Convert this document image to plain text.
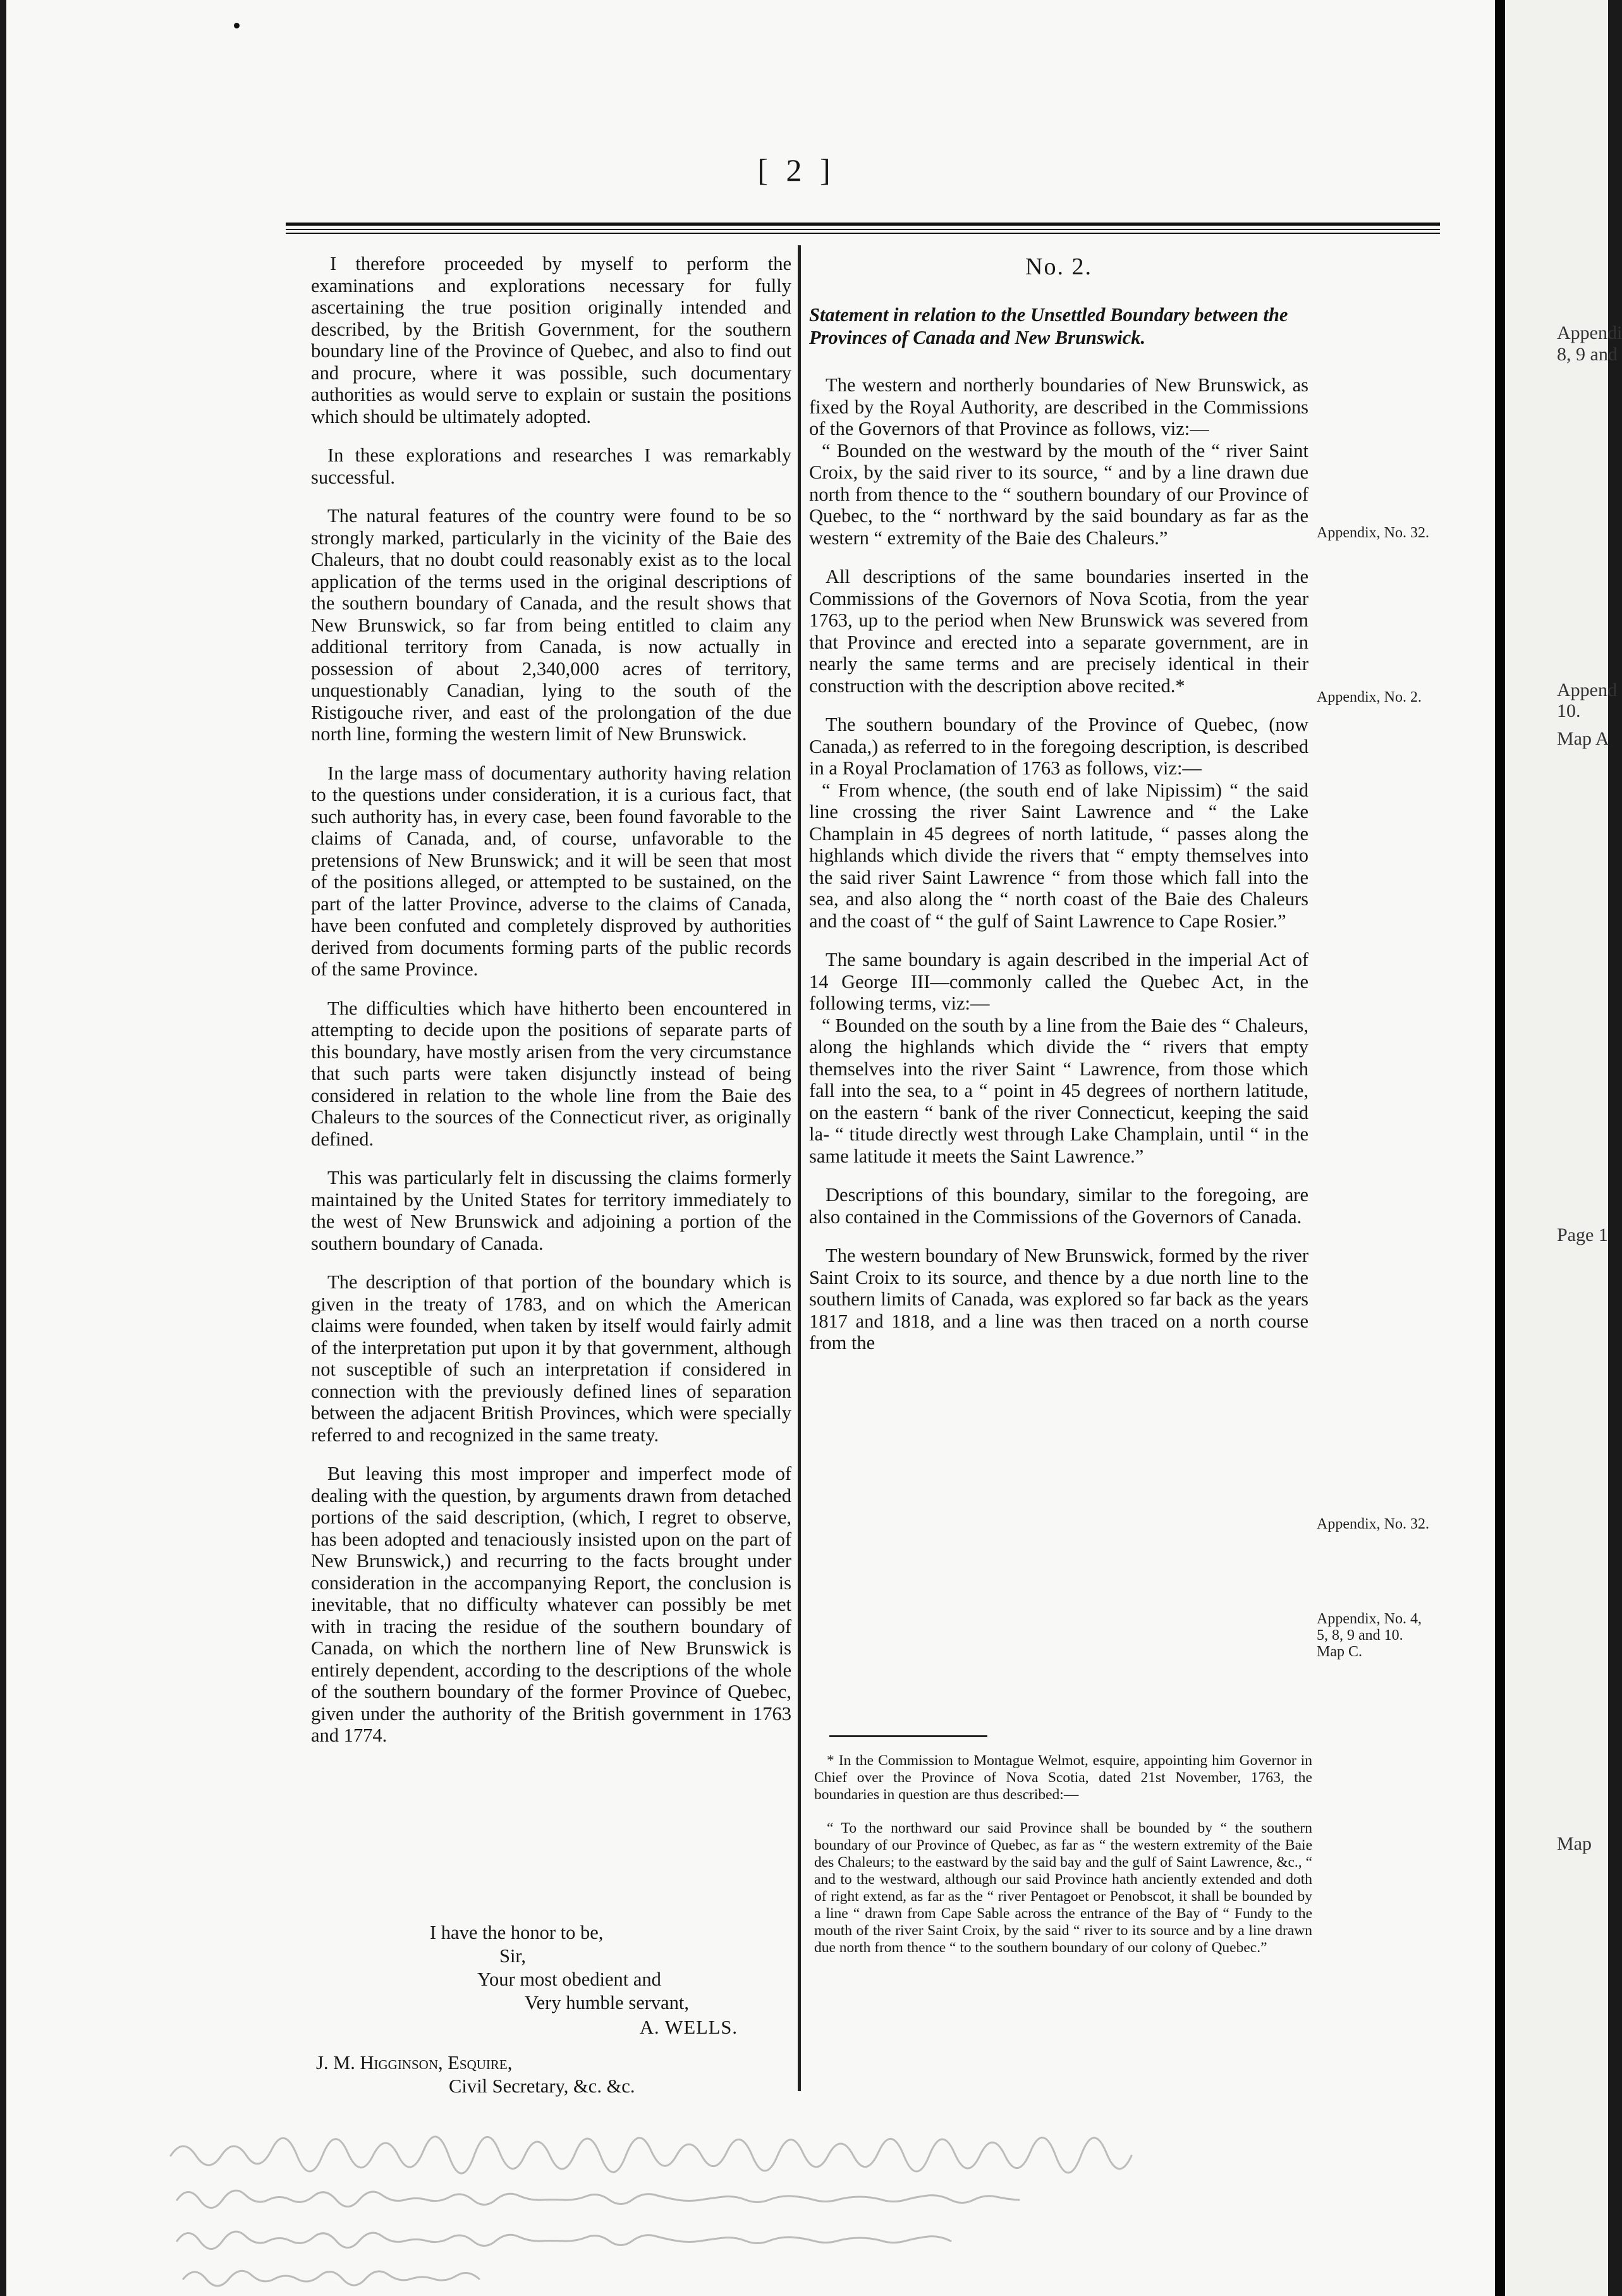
Appendi
8, 9 and
Append
10.
Map A
Page 1
Map
[ 2 ]

I therefore proceeded by myself to perform the examinations and explorations necessary for fully ascertaining the true position originally intended and described, by the British Government, for the southern boundary line of the Province of Quebec, and also to find out and procure, where it was possible, such documentary authorities as would serve to explain or sustain the positions which should be ultimately adopted.

In these explorations and researches I was remarkably successful.

The natural features of the country were found to be so strongly marked, particularly in the vicinity of the Baie des Chaleurs, that no doubt could reasonably exist as to the local application of the terms used in the original descriptions of the southern boundary of Canada, and the result shows that New Brunswick, so far from being entitled to claim any additional territory from Canada, is now actually in possession of about 2,340,000 acres of territory, unquestionably Canadian, lying to the south of the Ristigouche river, and east of the prolongation of the due north line, forming the western limit of New Brunswick.

In the large mass of documentary authority having relation to the questions under consideration, it is a curious fact, that such authority has, in every case, been found favorable to the claims of Canada, and, of course, unfavorable to the pretensions of New Brunswick; and it will be seen that most of the positions alleged, or attempted to be sustained, on the part of the latter Province, adverse to the claims of Canada, have been confuted and completely disproved by authorities derived from documents forming parts of the public records of the same Province.

The difficulties which have hitherto been encountered in attempting to decide upon the positions of separate parts of this boundary, have mostly arisen from the very circumstance that such parts were taken disjunctly instead of being considered in relation to the whole line from the Baie des Chaleurs to the sources of the Connecticut river, as originally defined.

This was particularly felt in discussing the claims formerly maintained by the United States for territory immediately to the west of New Brunswick and adjoining a portion of the southern boundary of Canada.

The description of that portion of the boundary which is given in the treaty of 1783, and on which the American claims were founded, when taken by itself would fairly admit of the interpretation put upon it by that government, although not susceptible of such an interpretation if considered in connection with the previously defined lines of separation between the adjacent British Provinces, which were specially referred to and recognized in the same treaty.

But leaving this most improper and imperfect mode of dealing with the question, by arguments drawn from detached portions of the said description, (which, I regret to observe, has been adopted and tenaciously insisted upon on the part of New Brunswick,) and recurring to the facts brought under consideration in the accompanying Report, the conclusion is inevitable, that no difficulty whatever can possibly be met with in tracing the residue of the southern boundary of Canada, on which the northern line of New Brunswick is entirely dependent, according to the descriptions of the whole of the southern boundary of the former Province of Quebec, given under the authority of the British government in 1763 and 1774.

I have the honor to be,
Sir,
Your most obedient and
Very humble servant,
A. WELLS.
J. M. Higginson, Esquire,
Civil Secretary, &c. &c.
No. 2.

Statement in relation to the Unsettled Boundary between the Provinces of Canada and New Brunswick.

The western and northerly boundaries of New Brunswick, as fixed by the Royal Authority, are described in the Commissions of the Governors of that Province as follows, viz:—

“ Bounded on the westward by the mouth of the “ river Saint Croix, by the said river to its source, “ and by a line drawn due north from thence to the “ southern boundary of our Province of Quebec, to the “ northward by the said boundary as far as the western “ extremity of the Baie des Chaleurs.”

All descriptions of the same boundaries inserted in the Commissions of the Governors of Nova Scotia, from the year 1763, up to the period when New Brunswick was severed from that Province and erected into a separate government, are in nearly the same terms and are precisely identical in their construction with the description above recited.*

The southern boundary of the Province of Quebec, (now Canada,) as referred to in the foregoing description, is described in a Royal Proclamation of 1763 as follows, viz:—

“ From whence, (the south end of lake Nipissim) “ the said line crossing the river Saint Lawrence and “ the Lake Champlain in 45 degrees of north latitude, “ passes along the highlands which divide the rivers that “ empty themselves into the said river Saint Lawrence “ from those which fall into the sea, and also along the “ north coast of the Baie des Chaleurs and the coast of “ the gulf of Saint Lawrence to Cape Rosier.”

The same boundary is again described in the imperial Act of 14 George III—commonly called the Quebec Act, in the following terms, viz:—

“ Bounded on the south by a line from the Baie des “ Chaleurs, along the highlands which divide the “ rivers that empty themselves into the river Saint “ Lawrence, from those which fall into the sea, to a “ point in 45 degrees of northern latitude, on the eastern “ bank of the river Connecticut, keeping the said la- “ titude directly west through Lake Champlain, until “ in the same latitude it meets the Saint Lawrence.”

Descriptions of this boundary, similar to the foregoing, are also contained in the Commissions of the Governors of Canada.

The western boundary of New Brunswick, formed by the river Saint Croix to its source, and thence by a due north line to the southern limits of Canada, was explored so far back as the years 1817 and 1818, and a line was then traced on a north course from the

Appendix, No. 32.
Appendix, No. 2.
Appendix, No. 32.
Appendix, No. 4, 5, 8, 9 and 10. Map C.

* In the Commission to Montague Welmot, esquire, appointing him Governor in Chief over the Province of Nova Scotia, dated 21st November, 1763, the boundaries in question are thus described:—

“ To the northward our said Province shall be bounded by “ the southern boundary of our Province of Quebec, as far as “ the western extremity of the Baie des Chaleurs; to the eastward by the said bay and the gulf of Saint Lawrence, &c., “ and to the westward, although our said Province hath anciently extended and doth of right extend, as far as the “ river Pentagoet or Penobscot, it shall be bounded by a line “ drawn from Cape Sable across the entrance of the Bay of “ Fundy to the mouth of the river Saint Croix, by the said “ river to its source and by a line drawn due north from thence “ to the southern boundary of our colony of Quebec.”
